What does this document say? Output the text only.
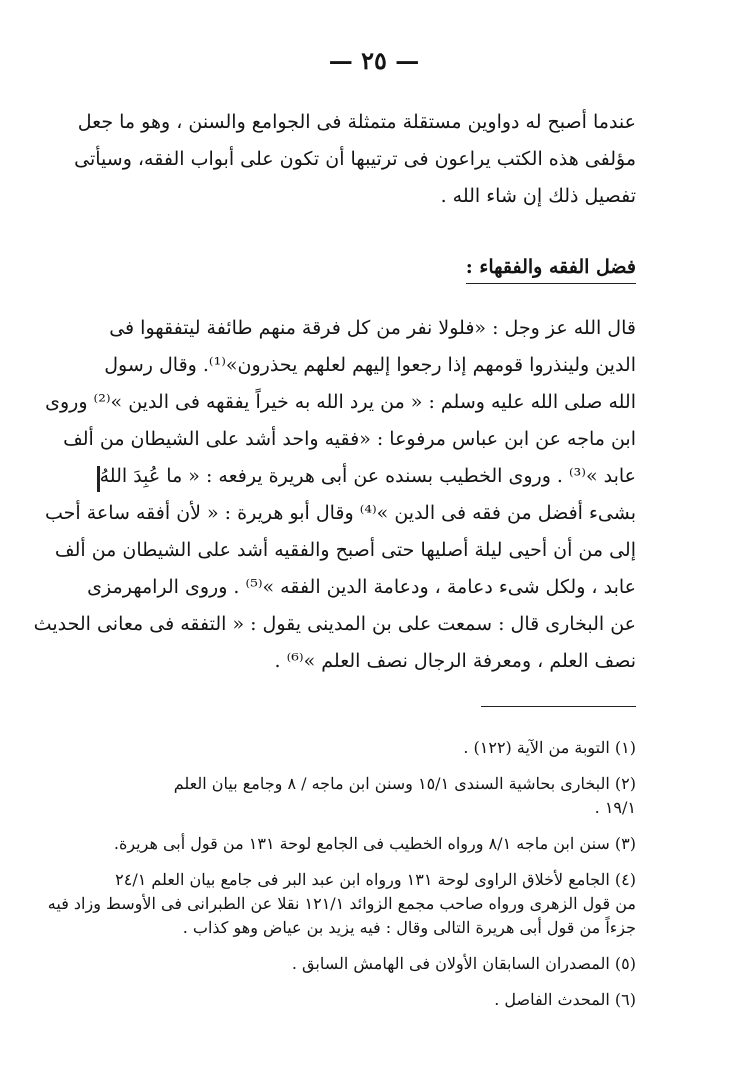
— ٢٥ —
عندما أصبح له دواوين مستقلة متمثلة فى الجوامع والسنن ، وهو ما جعل
مؤلفى هذه الكتب يراعون فى ترتيبها أن تكون على أبواب الفقه، وسيأتى
تفصيل ذلك إن شاء الله .
فضل الفقه والفقهاء :
قال الله عز وجل : «فلولا نفر من كل فرقة منهم طائفة ليتفقهوا فى
الدين ولينذروا قومهم إذا رجعوا إليهم لعلهم يحذرون»⁽¹⁾. وقال رسول
الله صلى الله عليه وسلم : « من يرد الله به خيراً يفقهه فى الدين »⁽²⁾ وروى
ابن ماجه عن ابن عباس مرفوعا : «فقيه واحد أشد على الشيطان من ألف
عابد »⁽³⁾ . وروى الخطيب بسنده عن أبى هريرة يرفعه : « ما عُبِدَ اللهُ
بشىء أفضل من فقه فى الدين »⁽⁴⁾ وقال أبو هريرة : « لأن أفقه ساعة أحب
إلى من أن أحيى ليلة أصليها حتى أصبح والفقيه أشد على الشيطان من ألف
عابد ، ولكل شىء دعامة ، ودعامة الدين الفقه »⁽⁵⁾ . وروى الرامهرمزى
عن البخارى قال : سمعت على بن المدينى يقول : « التفقه فى معانى الحديث
نصف العلم ، ومعرفة الرجال نصف العلم »⁽⁶⁾ .
(١) التوبة من الآية (١٢٢) .
(٢) البخارى بحاشية السندى ١٥/١ وسنن ابن ماجه / ٨ وجامع بيان العلم
١٩/١ .
(٣) سنن ابن ماجه ٨/١ ورواه الخطيب فى الجامع لوحة ١٣١ من قول أبى هريرة.
(٤) الجامع لأخلاق الراوى لوحة ١٣١ ورواه ابن عبد البر فى جامع بيان العلم ٢٤/١
من قول الزهرى ورواه صاحب مجمع الزوائد ١٢١/١ نقلا عن الطبرانى فى الأوسط وزاد فيه
جزءاً من قول أبى هريرة التالى وقال : فيه يزيد بن عياض وهو كذاب .
(٥) المصدران السابقان الأولان فى الهامش السابق .
(٦) المحدث الفاصل .
